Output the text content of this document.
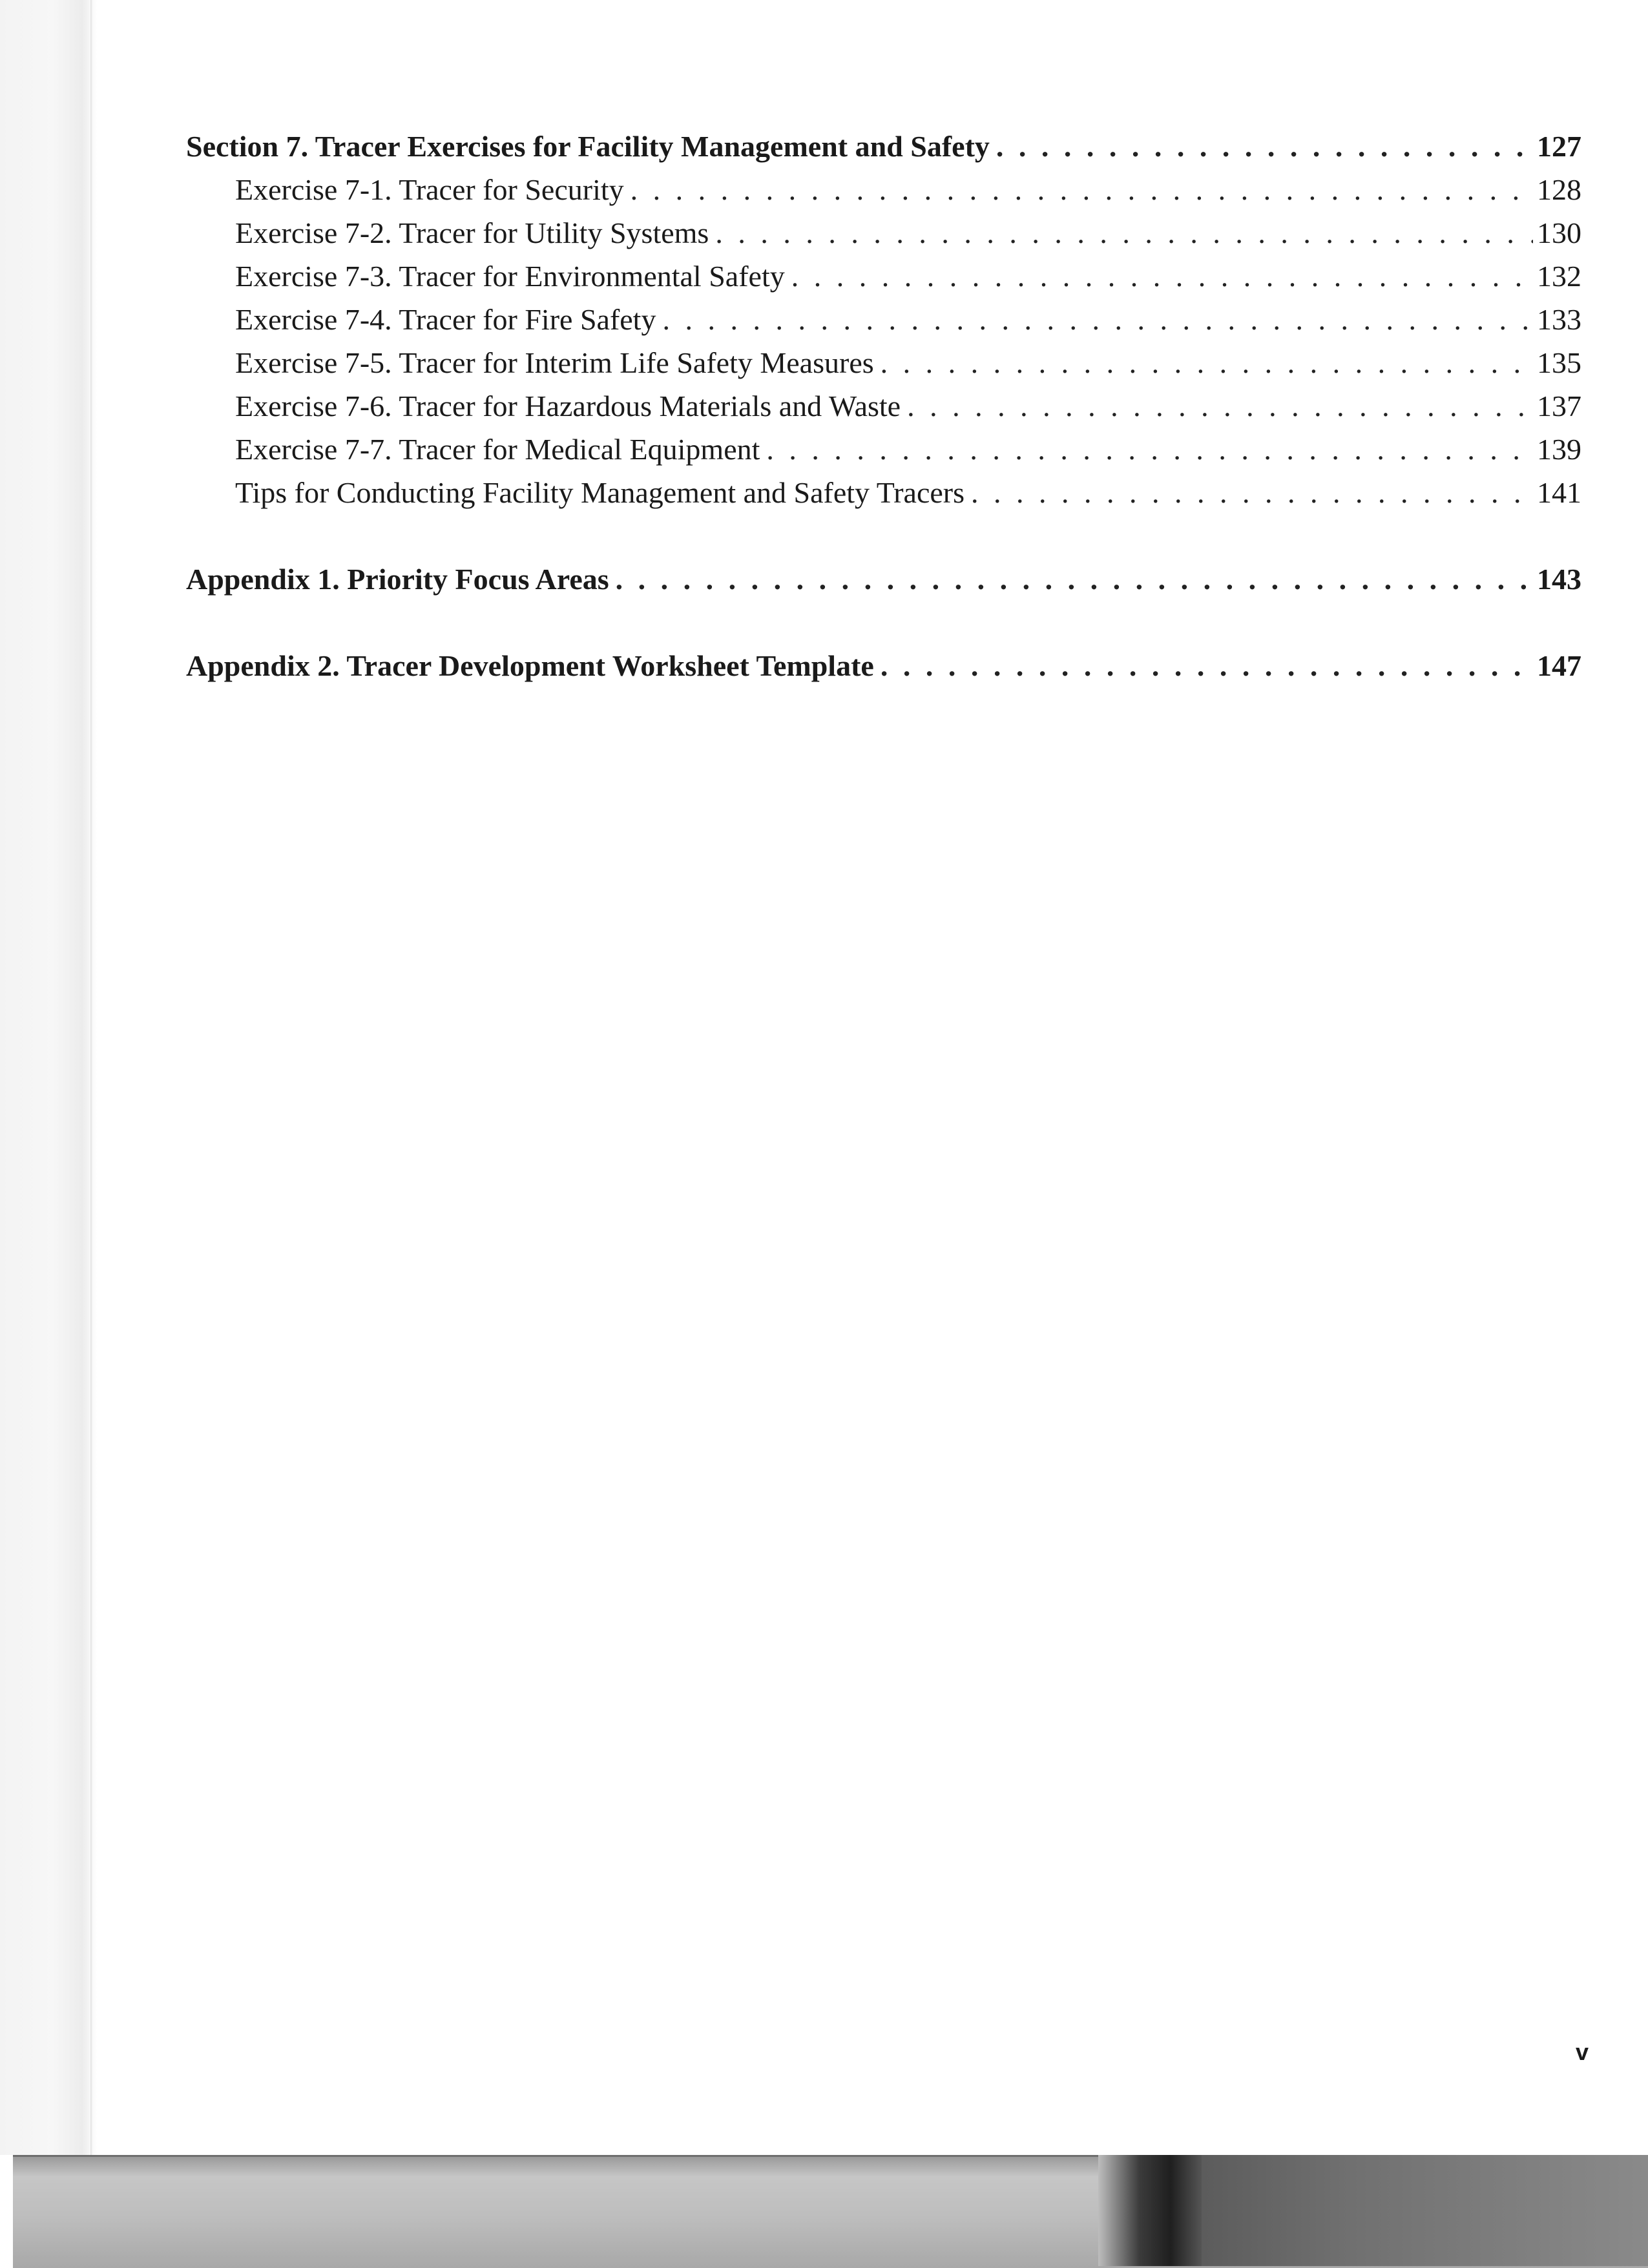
Section 7. Tracer Exercises for Facility Management and Safety . . .	127
Exercise 7-1. Tracer for Security . . .	128
Exercise 7-2. Tracer for Utility Systems . . .	130
Exercise 7-3. Tracer for Environmental Safety . . .	132
Exercise 7-4. Tracer for Fire Safety . . .	133
Exercise 7-5. Tracer for Interim Life Safety Measures . . .	135
Exercise 7-6. Tracer for Hazardous Materials and Waste . . .	137
Exercise 7-7. Tracer for Medical Equipment . . .	139
Tips for Conducting Facility Management and Safety Tracers . . .	141
Appendix 1. Priority Focus Areas . . .	143
Appendix 2. Tracer Development Worksheet Template . . .	147
v
